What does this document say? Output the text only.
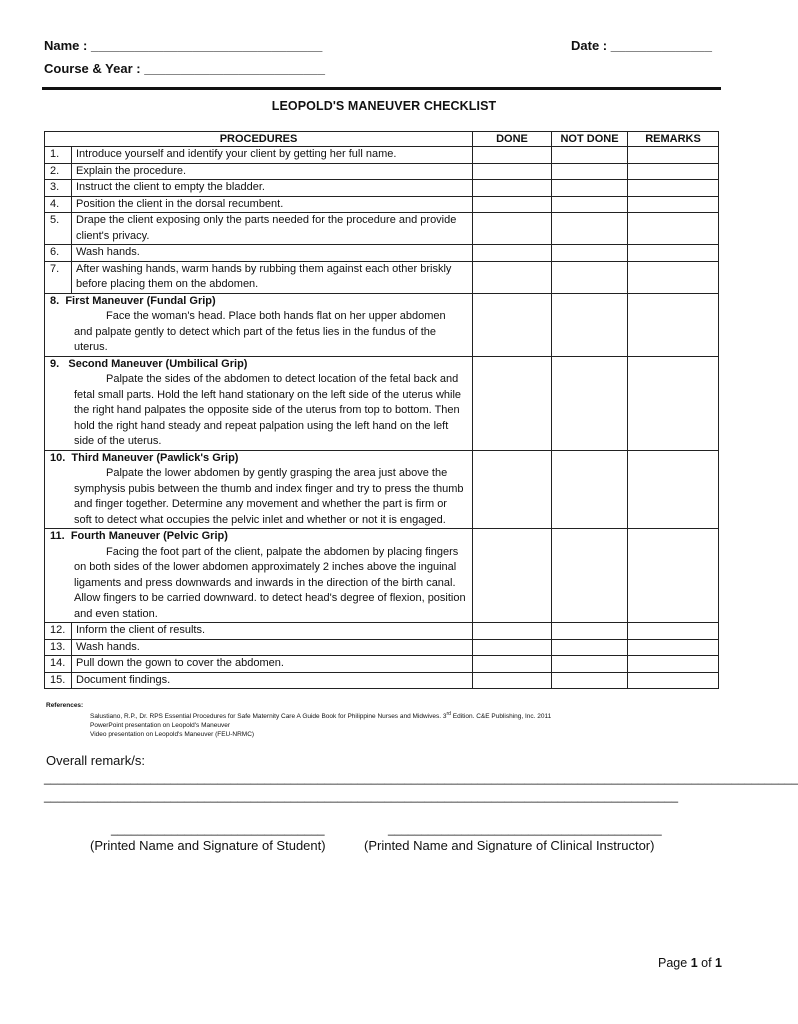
Name : ________________________________	Date : ______________
Course & Year : _________________________
LEOPOLD'S MANEUVER CHECKLIST
PROCEDURES		DONE	NOT DONE	REMARKS
1.	Introduce yourself and identify your client by getting her full name.			
2.	Explain the procedure.			
3.	Instruct the client to empty the bladder.			
4.	Position the client in the dorsal recumbent.			
5.	Drape the client exposing only the parts needed for the procedure and provide client's privacy.			
6.	Wash hands.			
7.	After washing hands, warm hands by rubbing them against each other briskly before placing them on the abdomen.			

8. First Maneuver (Fundal Grip)
Face the woman's head. Place both hands flat on her upper abdomen and palpate gently to detect which part of the fetus lies in the fundus of the uterus.				

9. Second Maneuver (Umbilical Grip)
Palpate the sides of the abdomen to detect location of the fetal back and fetal small parts. Hold the left hand stationary on the left side of the uterus while the right hand palpates the opposite side of the uterus from top to bottom. Then hold the right hand steady and repeat palpation using the left hand on the left side of the uterus.				

10. Third Maneuver (Pawlick's Grip)
Palpate the lower abdomen by gently grasping the area just above the symphysis pubis between the thumb and index finger and try to press the thumb and finger together. Determine any movement and whether the part is firm or soft to detect what occupies the pelvic inlet and whether or not it is engaged.				

11. Fourth Maneuver (Pelvic Grip)
Facing the foot part of the client, palpate the abdomen by placing fingers on both sides of the lower abdomen approximately 2 inches above the inguinal ligaments and press downwards and inwards in the direction of the birth canal. Allow fingers to be carried downward. to detect head's degree of flexion, position and even station.				

12.	Inform the client of results.			
13.	Wash hands.			
14.	Pull down the gown to cover the abdomen.			
15.	Document findings.			
References:
Salustiano, R.P., Dr. RPS Essential Procedures for Safe Maternity Care A Guide Book for Philippine Nurses and Midwives. 3rd Edition. C&E Publishing, Inc. 2011
PowerPoint presentation on Leopold's Maneuver
Video presentation on Leopold's Maneuver (FEU-NRMC)
Overall remark/s:
_________________________________________________________________________________________________________________
_______________________________________________________________________________________________
________________________________
(Printed Name and Signature of Student)
_________________________________________
(Printed Name and Signature of Clinical Instructor)
Page 1 of 1
